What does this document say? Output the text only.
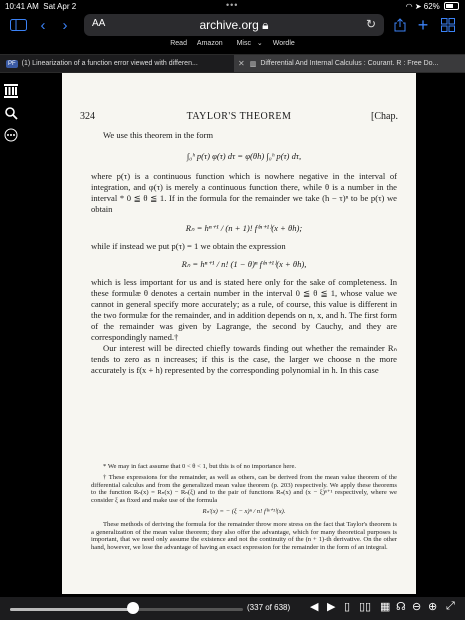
10:41 AM Sat Apr 2	•••	◠ ➤ 62%
‹	›	+
AA	archive.org 🔒︎	↻
Read Amazon Misc ⌄ Wordle
PF (1) Linearization of a function error viewed with differen...	✕ ▥ Differential And Internal Calculus : Courant. R : Free Do...
324	TAYLOR'S THEOREM	[Chap.

We use this theorem in the form

∫₀ʰ p(τ) φ(τ) dτ = φ(θh) ∫₀ʰ p(τ) dτ,

where p(τ) is a continuous function which is nowhere negative in the interval of integration, and φ(τ) is merely a continuous function there, while θ is a number in the interval * 0 ≦ θ ≦ 1. If in the formula for the remainder we take (h − τ)ⁿ to be p(τ) we obtain

Rₙ = hⁿ⁺¹ / (n + 1)! f⁽ⁿ⁺¹⁾(x + θh);

while if instead we put p(τ) = 1 we obtain the expression

Rₙ = hⁿ⁺¹ / n! (1 − θ)ⁿ f⁽ⁿ⁺¹⁾(x + θh),

which is less important for us and is stated here only for the sake of completeness. In these formulæ θ denotes a certain number in the interval 0 ≦ θ ≦ 1, whose value we cannot in general specify more accurately; as a rule, of course, this value is different in the two formulæ for the remainder, and in addition depends on n, x, and h. The first form of the remainder was given by Lagrange, the second by Cauchy, and they are correspondingly named.†

Our interest will be directed chiefly towards finding out whether the remainder Rₙ tends to zero as n increases; if this is the case, the larger we choose n the more accurately is f(x + h) represented by the corresponding polynomial in h. In this case

* We may in fact assume that 0 < θ < 1, but this is of no importance here.

† These expressions for the remainder, as well as others, can be derived from the mean value theorem of the differential calculus and from the generalized mean value theorem (p. 203) respectively. We apply these theorems to the function Rₙ(x) = Rₙ(x) − Rₙ(ξ) and to the pair of functions Rₙ(x) and (x − ξ)ⁿ⁺¹ respectively, where we consider ξ as fixed and make use of the formula

Rₙ′(x) = − (ξ − x)ⁿ / n! f⁽ⁿ⁺¹⁾(x).

These methods of deriving the formula for the remainder throw more stress on the fact that Taylor's theorem is a generalization of the mean value theorem; they also offer the advantage, which for many theoretical purposes is important, that we need only assume the existence and not the continuity of the (n + 1)-th derivative. On the other hand, however, we lose the advantage of having an exact expression for the remainder in the form of an integral.

(337 of 638) ◀ ▶ ▯ ▯▯ ▦ ☊ ⊖ ⊕ ⤢
